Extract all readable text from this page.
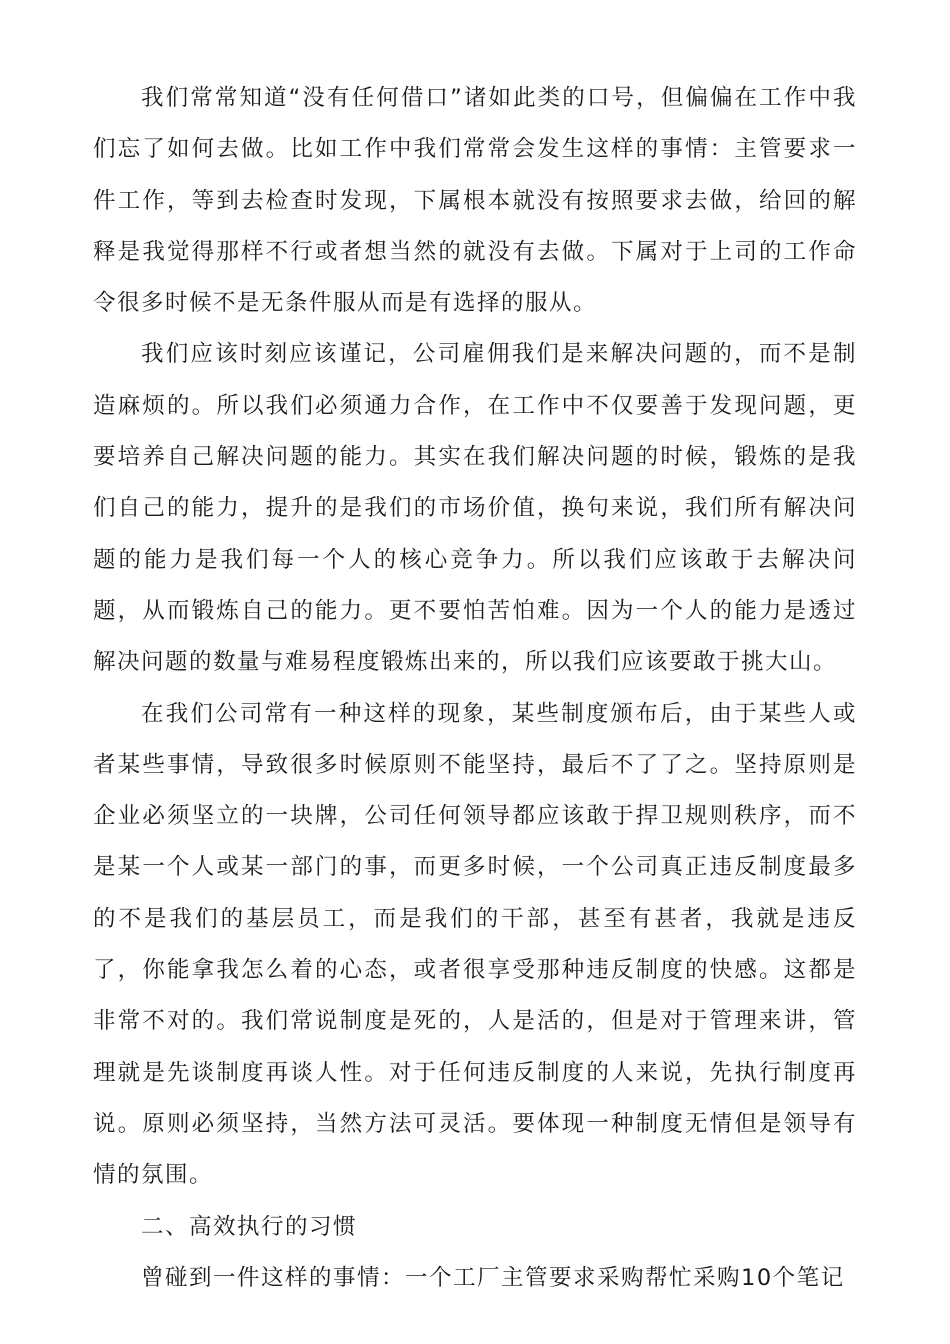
我们常常知道“没有任何借口”诸如此类的口号，但偏偏在工作中我们忘了如何去做。比如工作中我们常常会发生这样的事情：主管要求一件工作，等到去检查时发现，下属根本就没有按照要求去做，给回的解释是我觉得那样不行或者想当然的就没有去做。下属对于上司的工作命令很多时候不是无条件服从而是有选择的服从。

我们应该时刻应该谨记，公司雇佣我们是来解决问题的，而不是制造麻烦的。所以我们必须通力合作，在工作中不仅要善于发现问题，更要培养自己解决问题的能力。其实在我们解决问题的时候，锻炼的是我们自己的能力，提升的是我们的市场价值，换句来说，我们所有解决问题的能力是我们每一个人的核心竞争力。所以我们应该敢于去解决问题，从而锻炼自己的能力。更不要怕苦怕难。因为一个人的能力是透过解决问题的数量与难易程度锻炼出来的，所以我们应该要敢于挑大山。

在我们公司常有一种这样的现象，某些制度颁布后，由于某些人或者某些事情，导致很多时候原则不能坚持，最后不了了之。坚持原则是企业必须坚立的一块牌，公司任何领导都应该敢于捍卫规则秩序，而不是某一个人或某一部门的事，而更多时候，一个公司真正违反制度最多的不是我们的基层员工，而是我们的干部，甚至有甚者，我就是违反了，你能拿我怎么着的心态，或者很享受那种违反制度的快感。这都是非常不对的。我们常说制度是死的，人是活的，但是对于管理来讲，管理就是先谈制度再谈人性。对于任何违反制度的人来说，先执行制度再说。原则必须坚持，当然方法可灵活。要体现一种制度无情但是领导有情的氛围。

二、高效执行的习惯

曾碰到一件这样的事情：一个工厂主管要求采购帮忙采购10个笔记
